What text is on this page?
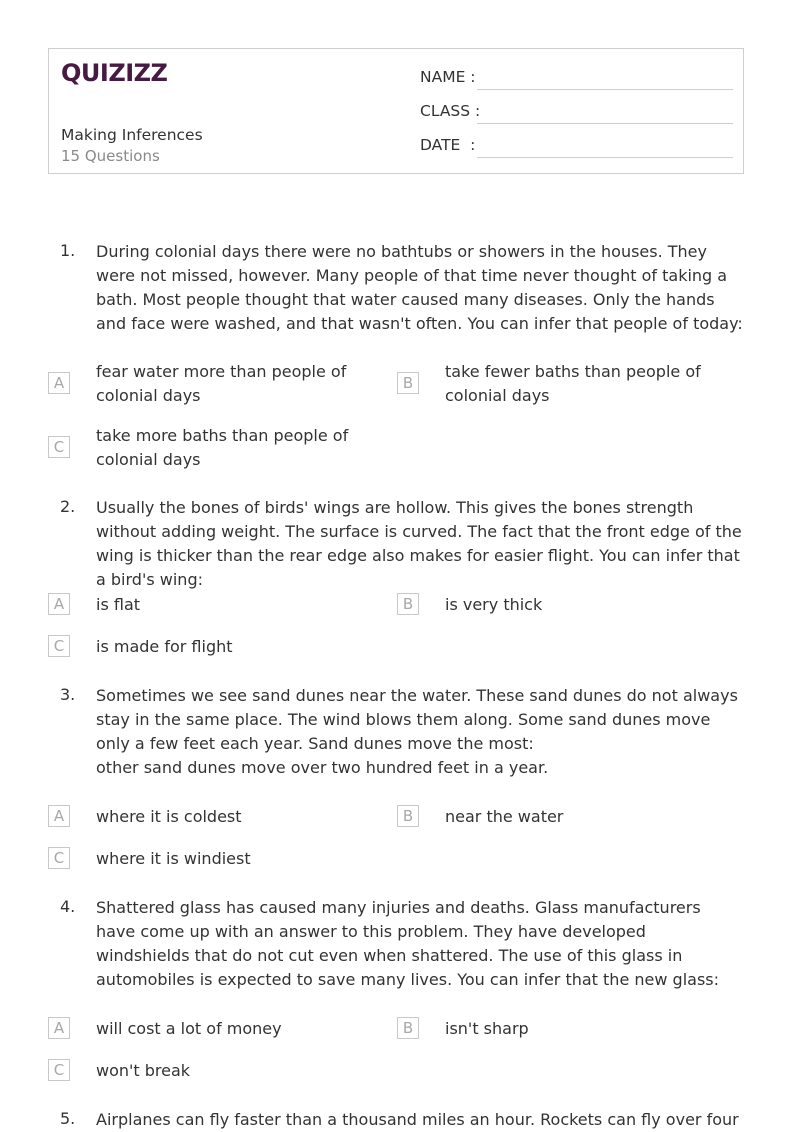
QUIZIZZ
Making Inferences
15 Questions
NAME :
CLASS :
DATE  :
1. During colonial days there were no bathtubs or showers in the houses. They were not missed, however. Many people of that time never thought of taking a bath. Most people thought that water caused many diseases. Only the hands and face were washed, and that wasn't often. You can infer that people of today:
A
fear water more than people of colonial days
B
take fewer baths than people of colonial days
C
take more baths than people of colonial days
2. Usually the bones of birds' wings are hollow. This gives the bones strength without adding weight. The surface is curved. The fact that the front edge of the wing is thicker than the rear edge also makes for easier flight. You can infer that a bird's wing:
A	is flat	B	is very thick
C	is made for flight
3. Sometimes we see sand dunes near the water. These sand dunes do not always stay in the same place. The wind blows them along. Some sand dunes move only a few feet each year. Sand dunes move the most:
other sand dunes move over two hundred feet in a year.
A	where it is coldest	B	near the water
C	where it is windiest
4. Shattered glass has caused many injuries and deaths. Glass manufacturers have come up with an answer to this problem. They have developed windshields that do not cut even when shattered. The use of this glass in automobiles is expected to save many lives. You can infer that the new glass:
A	will cost a lot of money	B	isn't sharp
C	won't break
5. Airplanes can fly faster than a thousand miles an hour. Rockets can fly over four
